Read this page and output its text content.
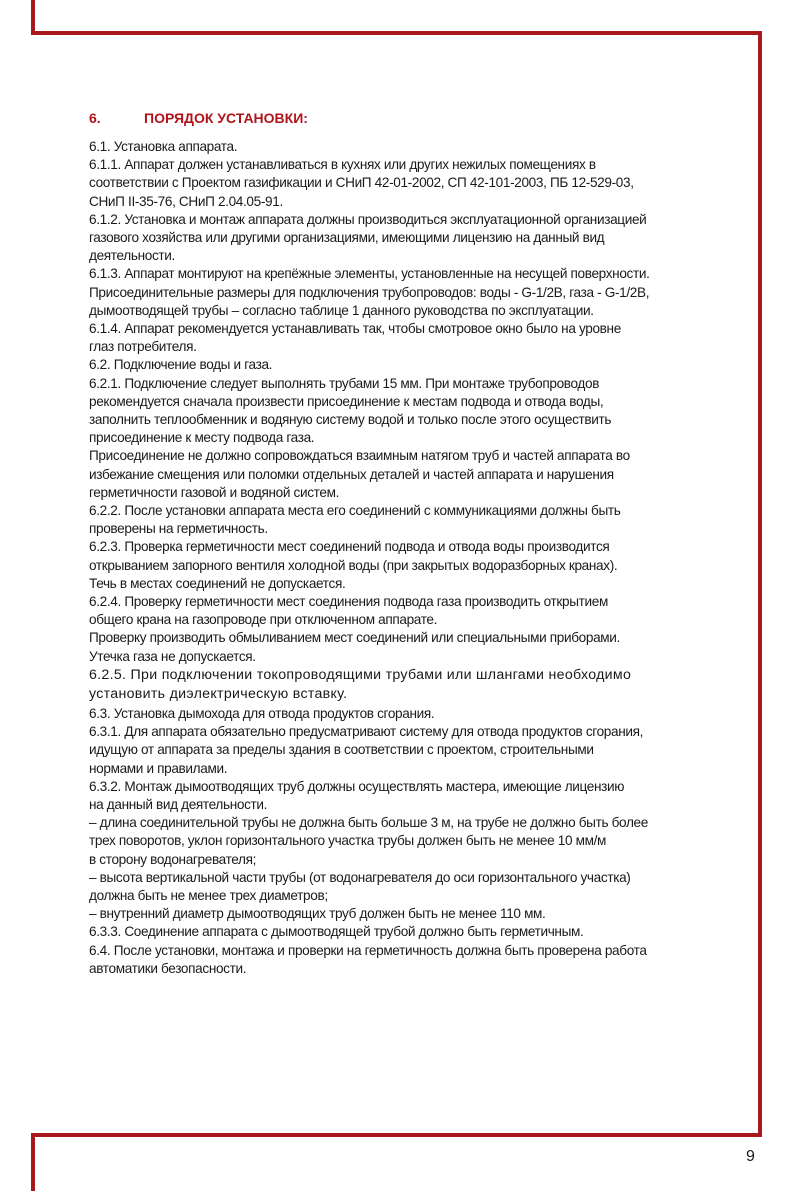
6.	ПОРЯДОК УСТАНОВКИ:

6.1. Установка аппарата.

6.1.1. Аппарат должен устанавливаться в кухнях или других нежилых помещениях в

соответствии с Проектом газификации и СНиП 42-01-2002, СП 42-101-2003, ПБ 12-529-03,

СНиП II-35-76, СНиП 2.04.05-91.

6.1.2. Установка и монтаж аппарата должны производиться эксплуатационной организацией

газового хозяйства или другими организациями, имеющими лицензию на данный вид

деятельности.

6.1.3. Аппарат монтируют на крепёжные элементы, установленные на несущей поверхности.

Присоединительные размеры для подключения трубопроводов: воды - G-1/2B, газа - G-1/2B,

дымоотводящей трубы – согласно таблице 1 данного руководства по эксплуатации.

6.1.4. Аппарат рекомендуется устанавливать так, чтобы смотровое окно было на уровне

глаз потребителя.

6.2. Подключение воды и газа.

6.2.1. Подключение следует выполнять трубами 15 мм. При монтаже трубопроводов

рекомендуется сначала произвести присоединение к местам подвода и отвода воды,

заполнить теплообменник и водяную систему водой и только после этого осуществить

присоединение к месту подвода газа.

Присоединение не должно сопровождаться взаимным натягом труб и частей аппарата во

избежание смещения или поломки отдельных деталей и частей аппарата и нарушения

герметичности газовой и водяной систем.

6.2.2. После установки аппарата места его соединений с коммуникациями должны быть

проверены на герметичность.

6.2.3. Проверка герметичности мест соединений подвода и отвода воды производится

открыванием запорного вентиля холодной воды (при закрытых водоразборных кранах).

Течь в местах соединений не допускается.

6.2.4. Проверку герметичности мест соединения подвода газа производить открытием

общего крана на газопроводе при отключенном аппарате.

Проверку производить обмыливанием мест соединений или специальными приборами.

Утечка газа не допускается.

6.2.5. При подключении токопроводящими трубами или шлангами необходимо

установить диэлектрическую вставку.

6.3. Установка дымохода для отвода продуктов сгорания.

6.3.1. Для аппарата обязательно предусматривают систему для отвода продуктов сгорания,

идущую от аппарата за пределы здания в соответствии с проектом, строительными

нормами и правилами.

6.3.2. Монтаж дымоотводящих труб должны осуществлять мастера, имеющие лицензию

на данный вид деятельности.

– длина соединительной трубы не должна быть больше 3 м, на трубе не должно быть более

трех поворотов, уклон горизонтального участка трубы должен быть не менее 10 мм/м

в сторону водонагревателя;

– высота вертикальной части трубы (от водонагревателя до оси горизонтального участка)

должна быть не менее трех диаметров;

– внутренний диаметр дымоотводящих труб должен быть не менее 110 мм.

6.3.3. Соединение аппарата с дымоотводящей трубой должно быть герметичным.

6.4. После установки, монтажа и проверки на герметичность должна быть проверена работа

автоматики безопасности.

9
